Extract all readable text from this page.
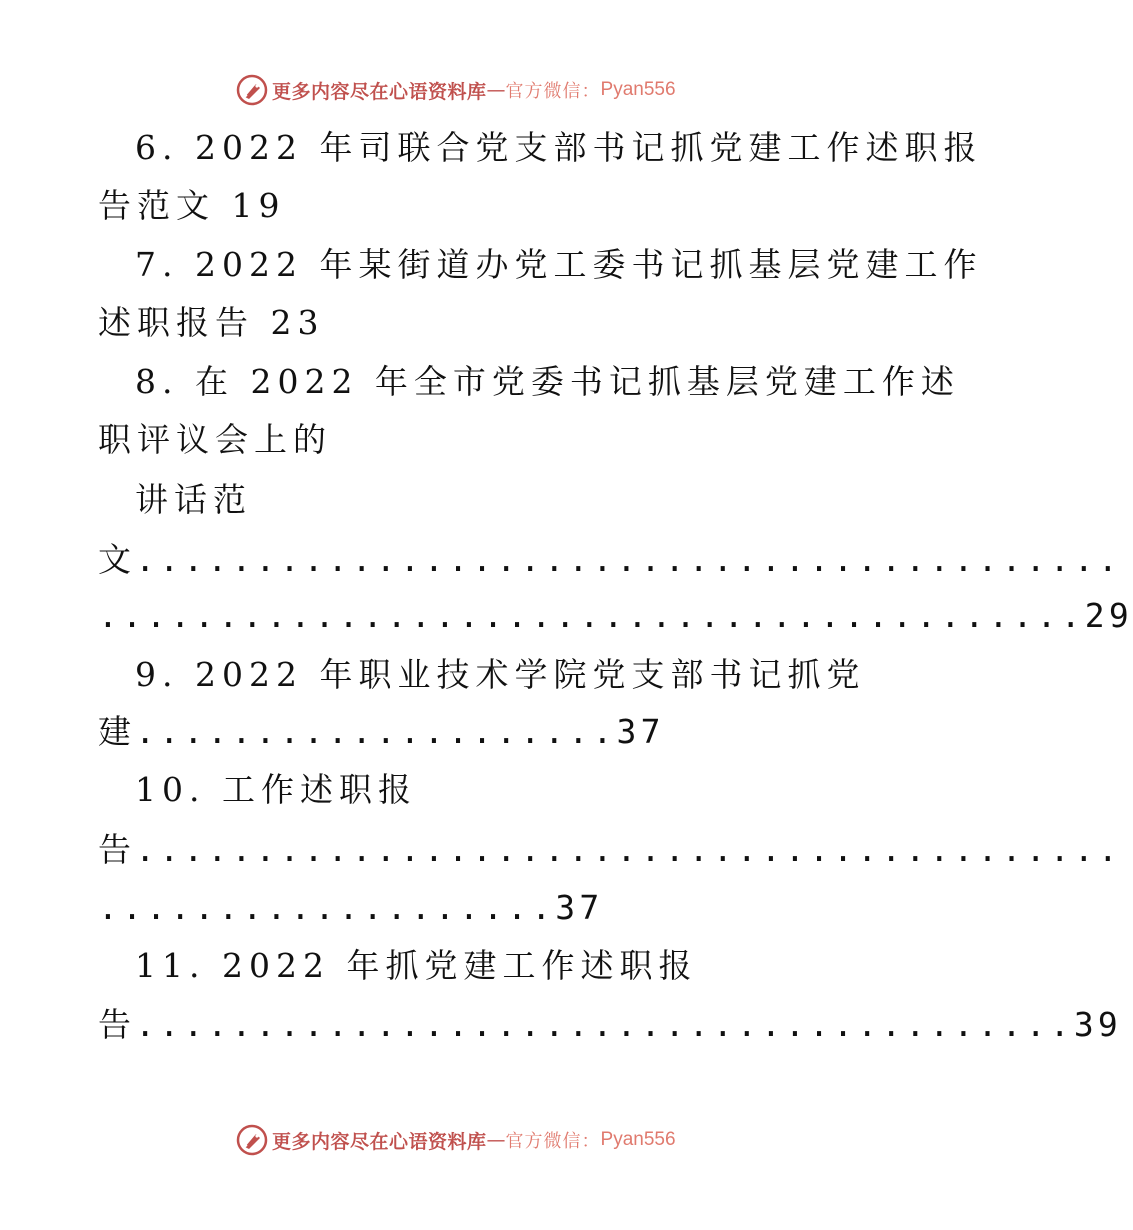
更多内容尽在心语资料库 — 官方微信： Pyan556
6. 2022 年司联合党支部书记抓党建工作述职报
告范文 19
7. 2022 年某街道办党工委书记抓基层党建工作
述职报告 23
8. 在 2022 年全市党委书记抓基层党建工作述
职评议会上的
讲话范
文.........................................
.........................................29
9. 2022 年职业技术学院党支部书记抓党
建....................37
10. 工作述职报
告.........................................
...................37
11. 2022 年抓党建工作述职报
告.......................................39
更多内容尽在心语资料库 — 官方微信： Pyan556
